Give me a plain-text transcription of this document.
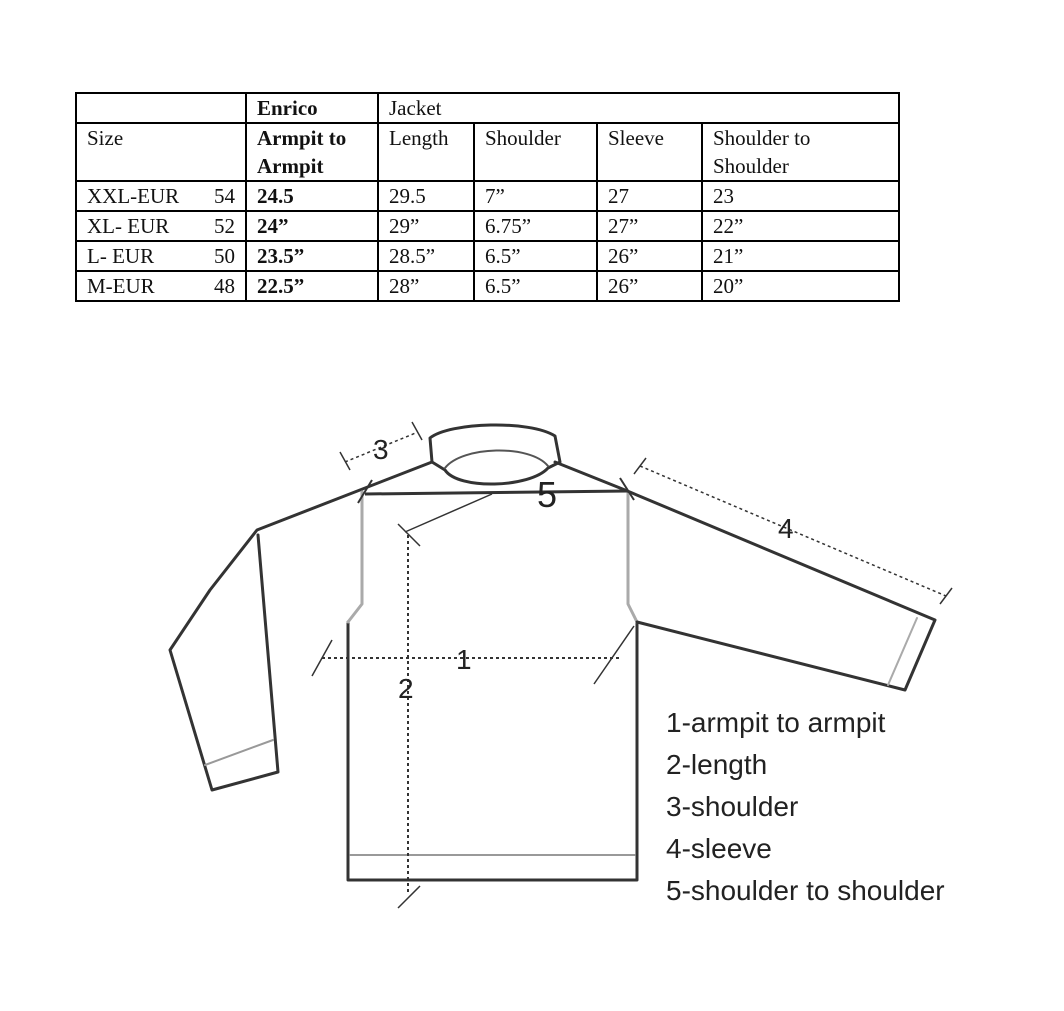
	Enrico	Jacket			
Size	Armpit to Armpit	Length	Shoulder	Sleeve	Shoulder to Shoulder

XXL-EUR 54	24.5	29.5	7”	27	23

XL- EUR 52	24”	29”	6.75”	27”	22”

L- EUR 50	23.5”	28.5”	6.5”	26”	21”

M-EUR 48	22.5”	28”	6.5”	26”	20”
1
2
3
4
5
1-armpit to armpit
2-length
3-shoulder
4-sleeve
5-shoulder to shoulder
